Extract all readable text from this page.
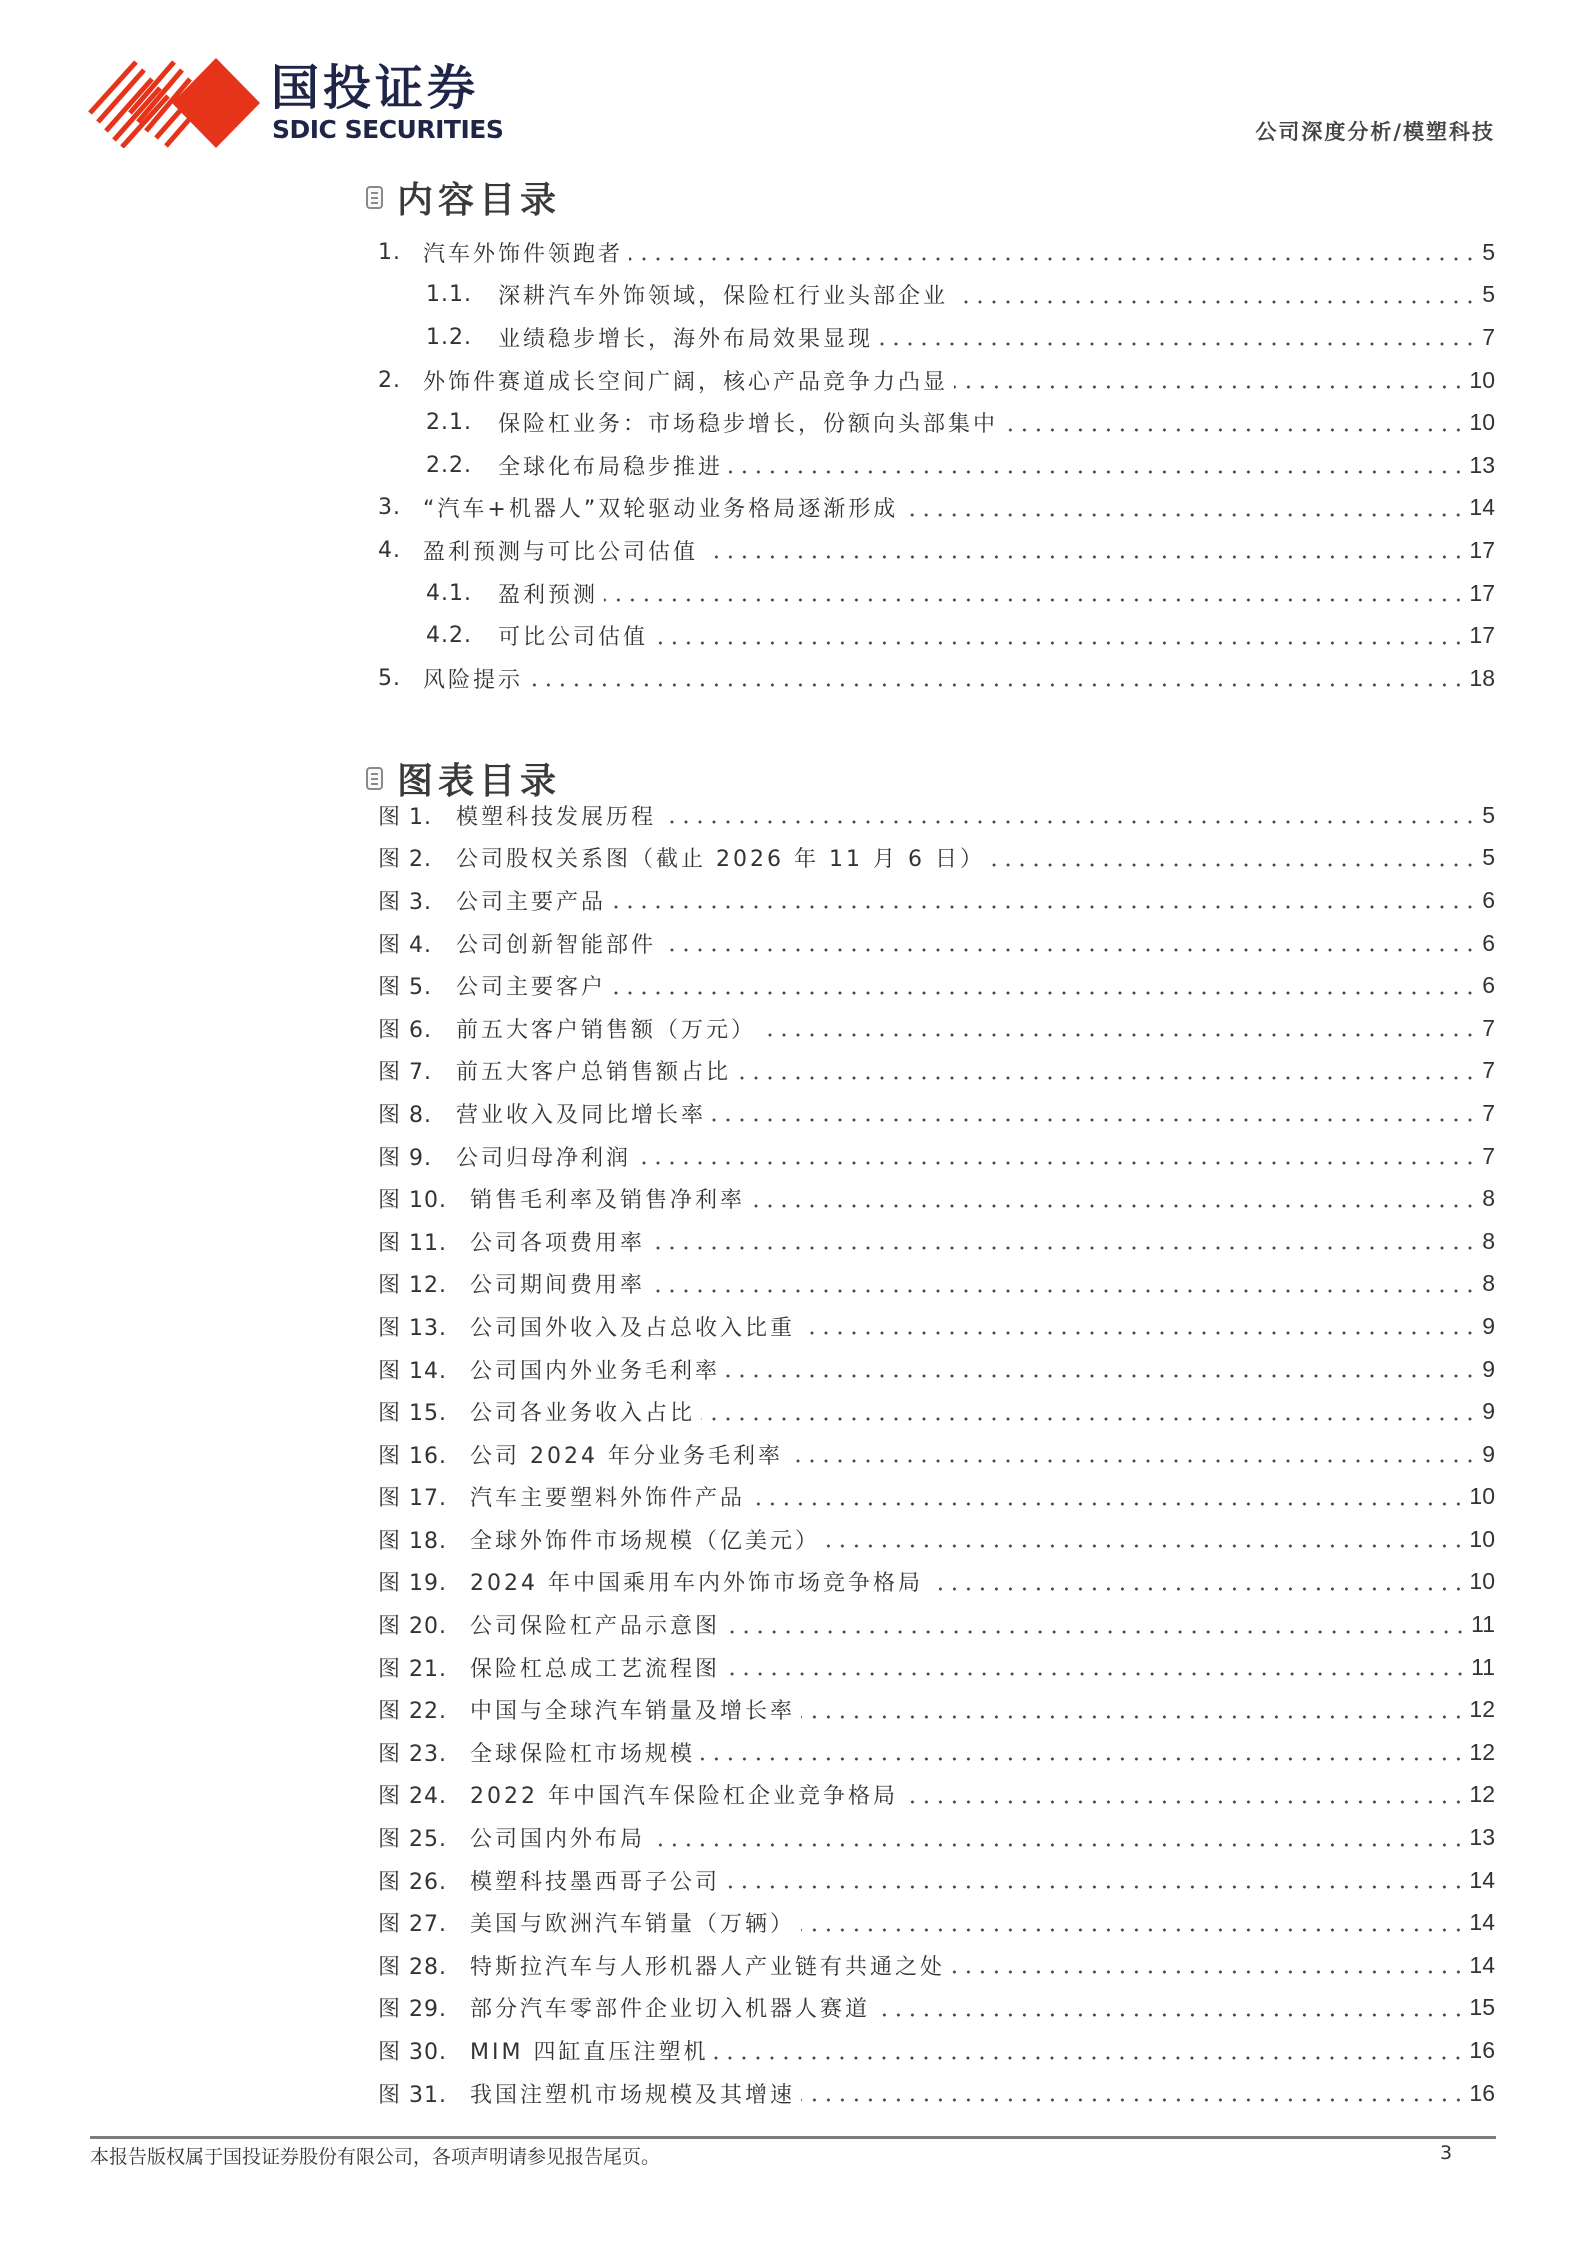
国投证券
SDIC SECURITIES	公司深度分析/模塑科技
内容目录
1.	汽车外饰件领跑者	5
1.1.	深耕汽车外饰领域，保险杠行业头部企业	5
1.2.	业绩稳步增长，海外布局效果显现	7
2.	外饰件赛道成长空间广阔，核心产品竞争力凸显	10
2.1.	保险杠业务：市场稳步增长，份额向头部集中	10
2.2.	全球化布局稳步推进	13
3.	“汽车+机器人”双轮驱动业务格局逐渐形成	14
4.	盈利预测与可比公司估值	17
4.1.	盈利预测	17
4.2.	可比公司估值	17
5.	风险提示	18
图表目录
图 1.	模塑科技发展历程	5
图 2.	公司股权关系图（截止 2026 年 11 月 6 日）	5
图 3.	公司主要产品	6
图 4.	公司创新智能部件	6
图 5.	公司主要客户	6
图 6.	前五大客户销售额（万元）	7
图 7.	前五大客户总销售额占比	7
图 8.	营业收入及同比增长率	7
图 9.	公司归母净利润	7
图 10.	销售毛利率及销售净利率	8
图 11.	公司各项费用率	8
图 12.	公司期间费用率	8
图 13.	公司国外收入及占总收入比重	9
图 14.	公司国内外业务毛利率	9
图 15.	公司各业务收入占比	9
图 16.	公司 2024 年分业务毛利率	9
图 17.	汽车主要塑料外饰件产品	10
图 18.	全球外饰件市场规模（亿美元）	10
图 19.	2024 年中国乘用车内外饰市场竞争格局	10
图 20.	公司保险杠产品示意图	11
图 21.	保险杠总成工艺流程图	11
图 22.	中国与全球汽车销量及增长率	12
图 23.	全球保险杠市场规模	12
图 24.	2022 年中国汽车保险杠企业竞争格局	12
图 25.	公司国内外布局	13
图 26.	模塑科技墨西哥子公司	14
图 27.	美国与欧洲汽车销量（万辆）	14
图 28.	特斯拉汽车与人形机器人产业链有共通之处	14
图 29.	部分汽车零部件企业切入机器人赛道	15
图 30.	MIM 四缸直压注塑机	16
图 31.	我国注塑机市场规模及其增速	16
本报告版权属于国投证券股份有限公司，各项声明请参见报告尾页。	3
